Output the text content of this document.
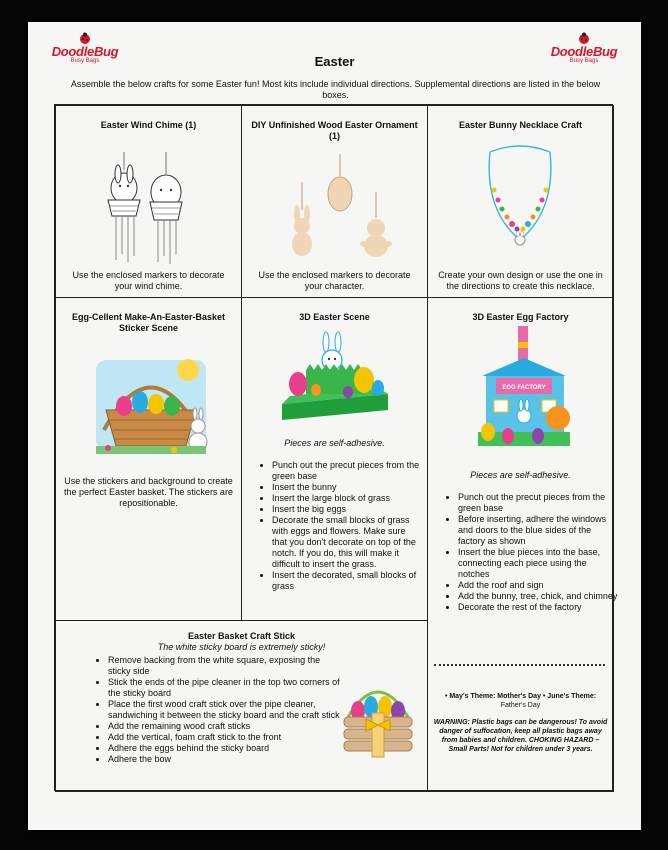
DoodleBug
Busy Bags
DoodleBug
Busy Bags
Easter
Assemble the below crafts for some Easter fun! Most kits include individual directions. Supplemental directions are listed in the below boxes.
Easter Wind Chime (1)
Use the enclosed markers to decorate your wind chime.
DIY Unfinished Wood Easter Ornament (1)
Use the enclosed markers to decorate your character.
Easter Bunny Necklace Craft
Create your own design or use the one in the directions to create this necklace.
Egg-Cellent Make-An-Easter-Basket Sticker Scene
Use the stickers and background to create the perfect Easter basket. The stickers are repositionable.
3D Easter Scene
Pieces are self-adhesive.
• Punch out the precut pieces from the green base
• Insert the bunny
• Insert the large block of grass
• Insert the big eggs
• Decorate the small blocks of grass with eggs and flowers. Make sure that you don't decorate on top of the notch. If you do, this will make it difficult to insert the grass.
• Insert the decorated, small blocks of grass
3D Easter Egg Factory
EGG FACTORY
Pieces are self-adhesive.
• Punch out the precut pieces from the green base
• Before inserting, adhere the windows and doors to the blue sides of the factory as shown
• Insert the blue pieces into the base, connecting each piece using the notches
• Add the roof and sign
• Add the bunny, tree, chick, and chimney
• Decorate the rest of the factory
Easter Basket Craft Stick
The white sticky board is extremely sticky!
• Remove backing from the white square, exposing the sticky side
• Stick the ends of the pipe cleaner in the top two corners of the sticky board
• Place the first wood craft stick over the pipe cleaner, sandwiching it between the sticky board and the craft stick
• Add the remaining wood craft sticks
• Add the vertical, foam craft stick to the front
• Adhere the eggs behind the sticky board
• Adhere the bow
• May's Theme: Mother's Day • June's Theme:
Father's Day
WARNING: Plastic bags can be dangerous! To avoid danger of suffocation, keep all plastic bags away from babies and children. CHOKING HAZARD – Small Parts! Not for children under 3 years.
